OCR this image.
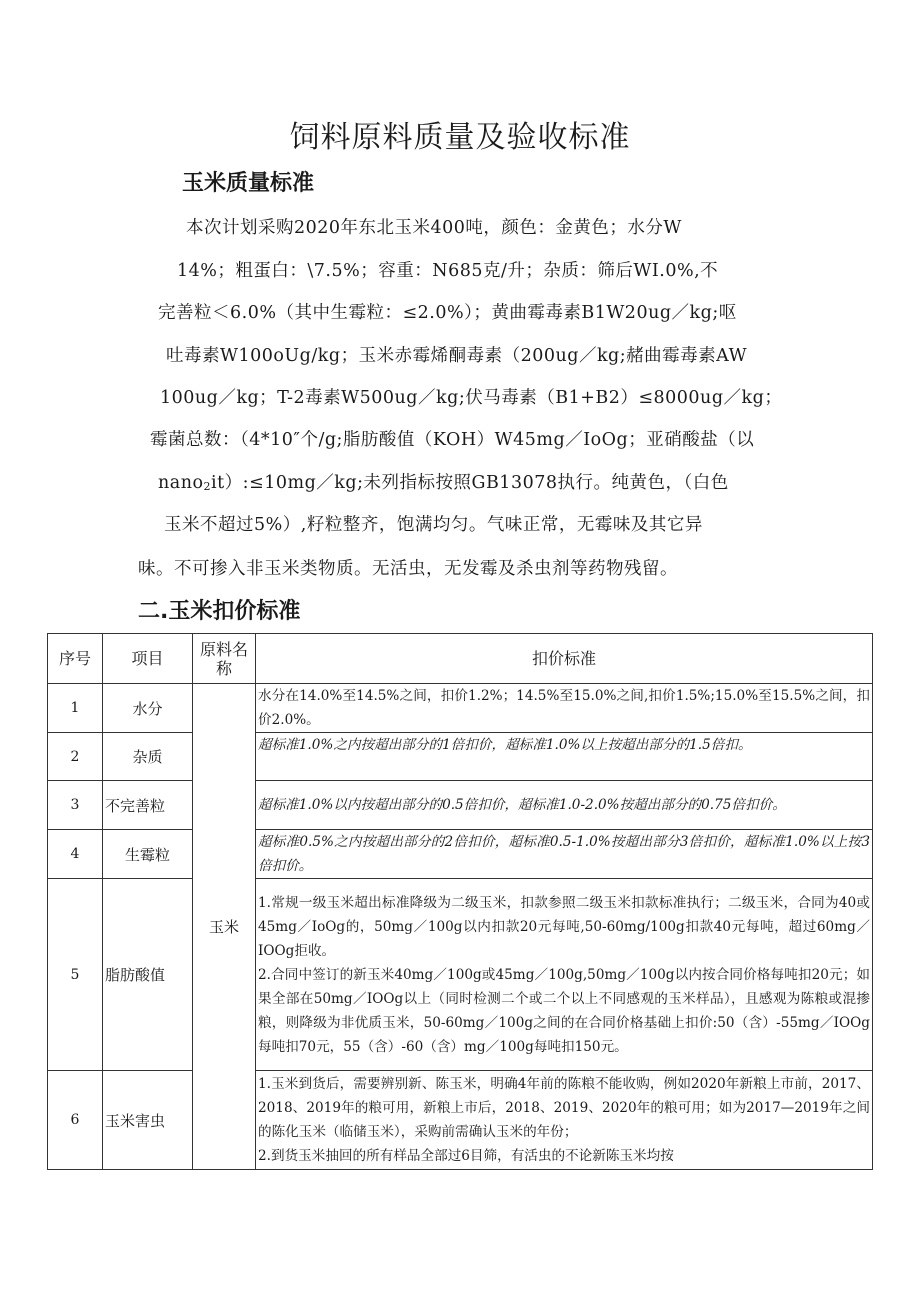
饲料原料质量及验收标准
玉米质量标准

本次计划采购2020年东北玉米400吨，颜色：金黄色；水分W

14%；粗蛋白：\7.5%；容重：N685克/升；杂质：筛后WI.0%,不

完善粒＜6.0%（其中生霉粒：≤2.0%）；黄曲霉毒素B1W20ug／kg;呕

吐毒素W100oUg/kg；玉米赤霉烯酮毒素（200ug／kg;赭曲霉毒素AW

100ug／kg；T-2毒素W500ug／kg;伏马毒素（B1+B2）≤8000ug／kg；

霉菌总数：（4*10″个/g;脂肪酸值（KOH）W45mg／IoOg；亚硝酸盐（以

nano2it）:≤10mg／kg;未列指标按照GB13078执行。纯黄色，（白色

玉米不超过5%）,籽粒整齐，饱满均匀。气味正常，无霉味及其它异

味。不可掺入非玉米类物质。无活虫，无发霉及杀虫剂等药物残留。

二.玉米扣价标准
序号	项目	原料名称	扣价标准
1	水分	玉米	水分在14.0%至14.5%之间，扣价1.2%；14.5%至15.0%之间,扣价1.5%;15.0%至15.5%之间，扣价2.0%。
2	杂质		超标准1.0%之内按超出部分的1倍扣价，超标准1.0%以上按超出部分的1.5倍扣。
3	不完善粒		超标准1.0%以内按超出部分的0.5倍扣价，超标准1.0-2.0%按超出部分的0.75倍扣价。
4	生霉粒		超标准0.5%之内按超出部分的2倍扣价，超标准0.5-1.0%按超出部分3倍扣价，超标准1.0%以上按3倍扣价。
5	脂肪酸值		1.常规一级玉米超出标准降级为二级玉米，扣款参照二级玉米扣款标准执行；二级玉米，合同为40或45mg／IoOg的，50mg／100g以内扣款20元每吨,50-60mg/100g扣款40元每吨，超过60mg／IOOg拒收。
2.合同中签订的新玉米40mg／100g或45mg／100g,50mg／100g以内按合同价格每吨扣20元；如果全部在50mg／IOOg以上（同时检测二个或二个以上不同感观的玉米样品），且感观为陈粮或混掺粮，则降级为非优质玉米，50-60mg／100g之间的在合同价格基础上扣价:50（含）-55mg／IOOg每吨扣70元，55（含）-60（含）mg／100g每吨扣150元。

6	玉米害虫		1.玉米到货后，需要辨别新、陈玉米，明确4年前的陈粮不能收购，例如2020年新粮上市前，2017、2018、2019年的粮可用，新粮上市后，2018、2019、2020年的粮可用；如为2017—2019年之间的陈化玉米（临储玉米），采购前需确认玉米的年份；
2.到货玉米抽回的所有样品全部过6目筛，有活虫的不论新陈玉米均按
